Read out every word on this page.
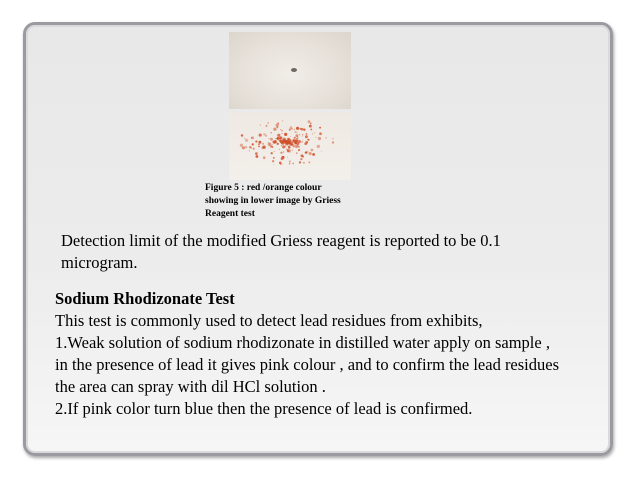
Figure 5 : red /orange colour
showing in lower image by Griess
Reagent test

Detection limit of the modified Griess reagent is reported to be 0.1 microgram.

Sodium Rhodizonate Test
This test is commonly used to detect lead residues from exhibits,
1.Weak solution of sodium rhodizonate in distilled water apply on sample ,
in the presence of lead it gives pink colour , and to confirm the lead residues
the area can spray with dil HCl solution .
2.If pink color turn blue then the presence of lead is confirmed.
